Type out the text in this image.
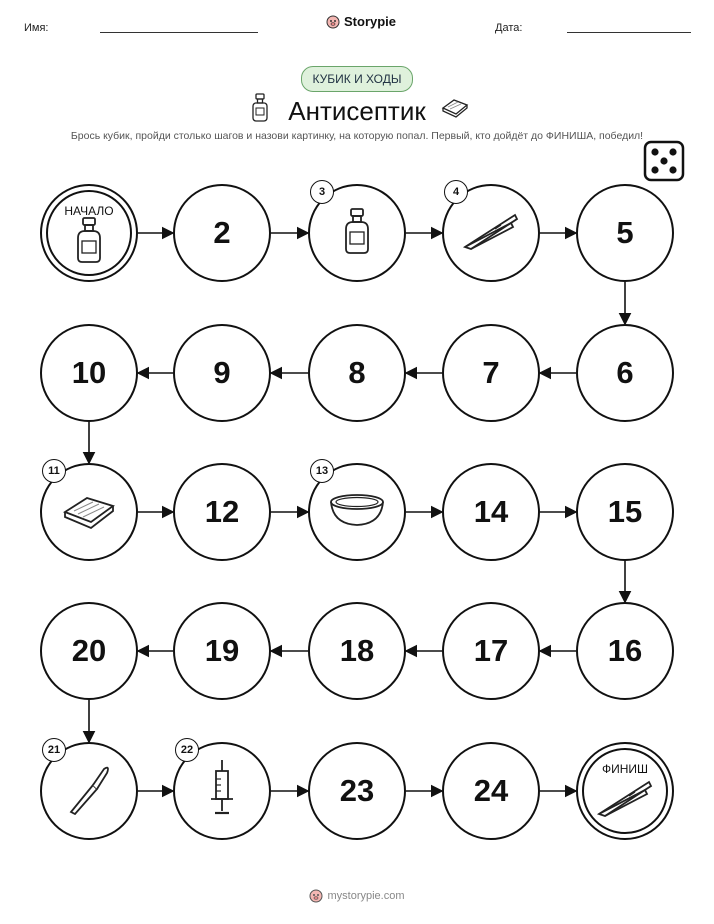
Имя:	Storypie	Дата:
КУБИК И ХОДЫ
Антисептик
Брось кубик, пройди столько шагов и назови картинку, на которую попал. Первый, кто дойдёт до ФИНИША, победил!
НАЧАЛО
2
3	4
5
6
7
8
9
10
11
12
13
14	15
16
17
18
19
20
21	22
23	24
ФИНИШ
mystorypie.com
